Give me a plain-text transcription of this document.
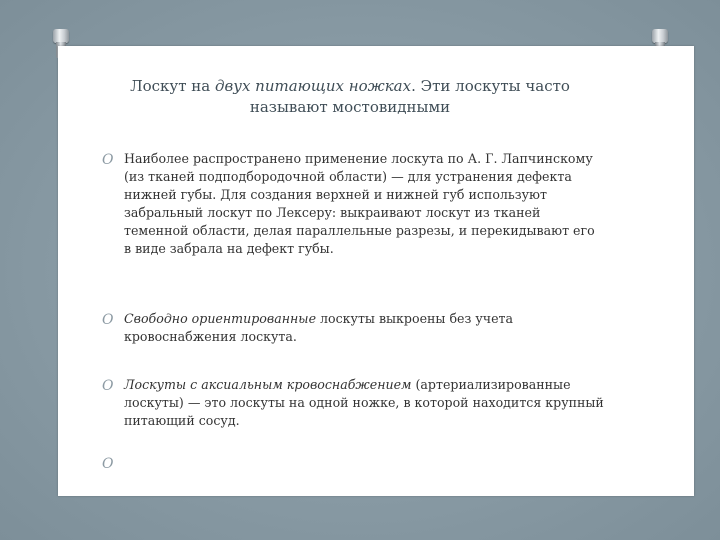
Лоскут на двух питающих ножках. Эти лоскуты часто называют мостовидными
O Наиболее распространено применение лоскута по А. Г. Лапчинскому (из тканей подподбородочной области) — для устранения дефекта нижней губы. Для создания верхней и нижней губ используют забральный лоскут по Лексеру: выкраивают лоскут из тканей теменной области, делая параллельные разрезы, и перекидывают его в виде забрала на дефект губы.
O Свободно ориентированные лоскуты выкроены без учета кровоснабжения лоскута.
O Лоскуты с аксиальным кровоснабжением (артериализированные лоскуты) — это лоскуты на одной ножке, в которой находится крупный питающий сосуд.
O
